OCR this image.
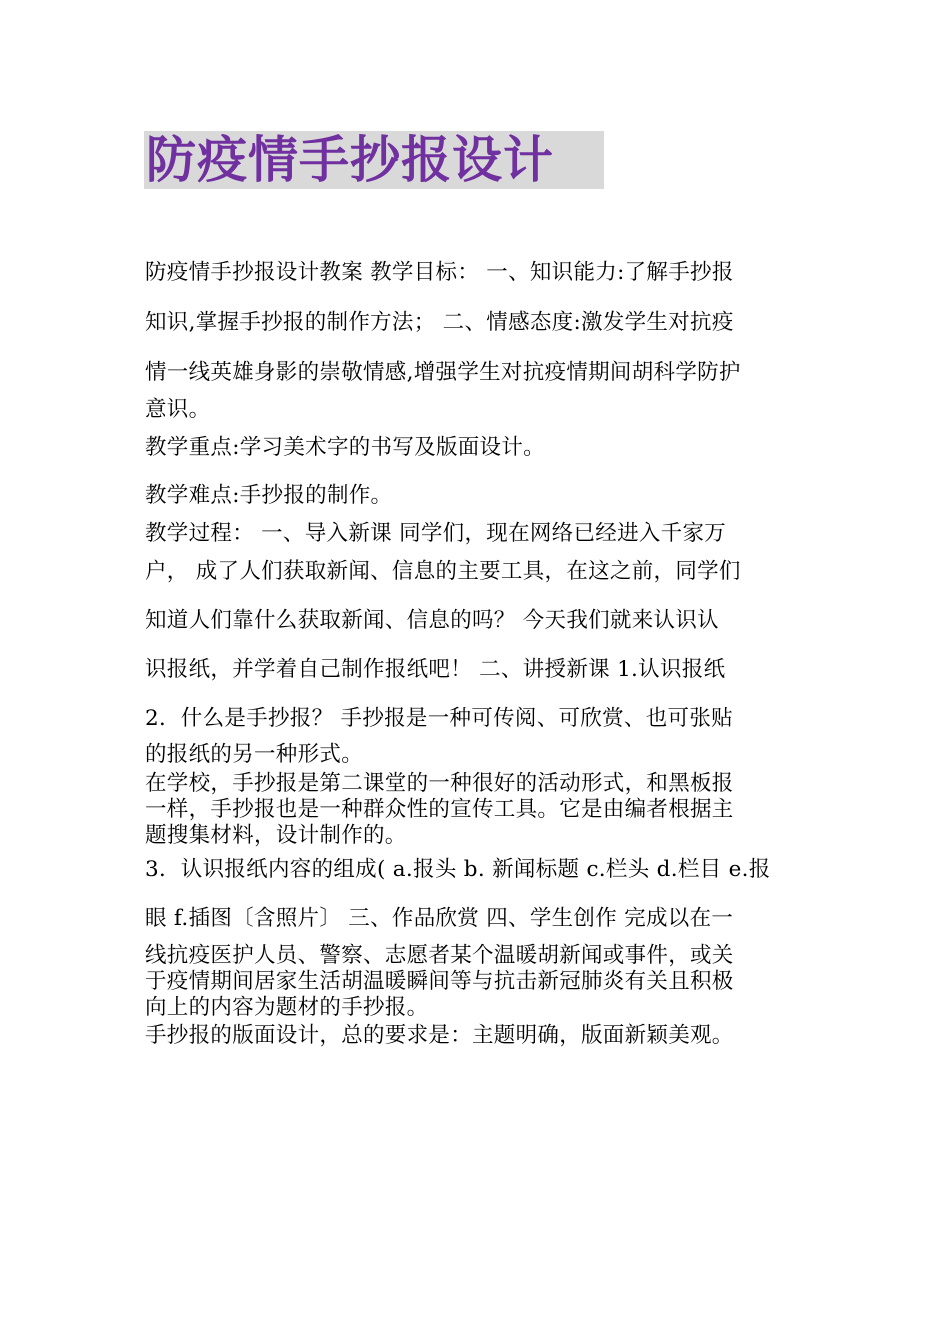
防疫情手抄报设计
防疫情手抄报设计教案 教学目标： 一、知识能力:了解手抄报
知识,掌握手抄报的制作方法； 二、情感态度:激发学生对抗疫
情一线英雄身影的崇敬情感,增强学生对抗疫情期间胡科学防护
意识。
教学重点:学习美术字的书写及版面设计。
教学难点:手抄报的制作。
教学过程： 一、导入新课 同学们，现在网络已经进入千家万
户， 成了人们获取新闻、信息的主要工具，在这之前，同学们
知道人们靠什么获取新闻、信息的吗？ 今天我们就来认识认
识报纸，并学着自己制作报纸吧！ 二、讲授新课 1.认识报纸
2．什么是手抄报？ 手抄报是一种可传阅、可欣赏、也可张贴
的报纸的另一种形式。
在学校，手抄报是第二课堂的一种很好的活动形式，和黑板报
一样，手抄报也是一种群众性的宣传工具。它是由编者根据主
题搜集材料，设计制作的。
3．认识报纸内容的组成( a.报头 b. 新闻标题 c.栏头 d.栏目 e.报
眼 f.插图〔含照片〕 三、作品欣赏 四、学生创作 完成以在一
线抗疫医护人员、警察、志愿者某个温暖胡新闻或事件，或关
于疫情期间居家生活胡温暖瞬间等与抗击新冠肺炎有关且积极
向上的内容为题材的手抄报。
手抄报的版面设计，总的要求是：主题明确，版面新颖美观。
